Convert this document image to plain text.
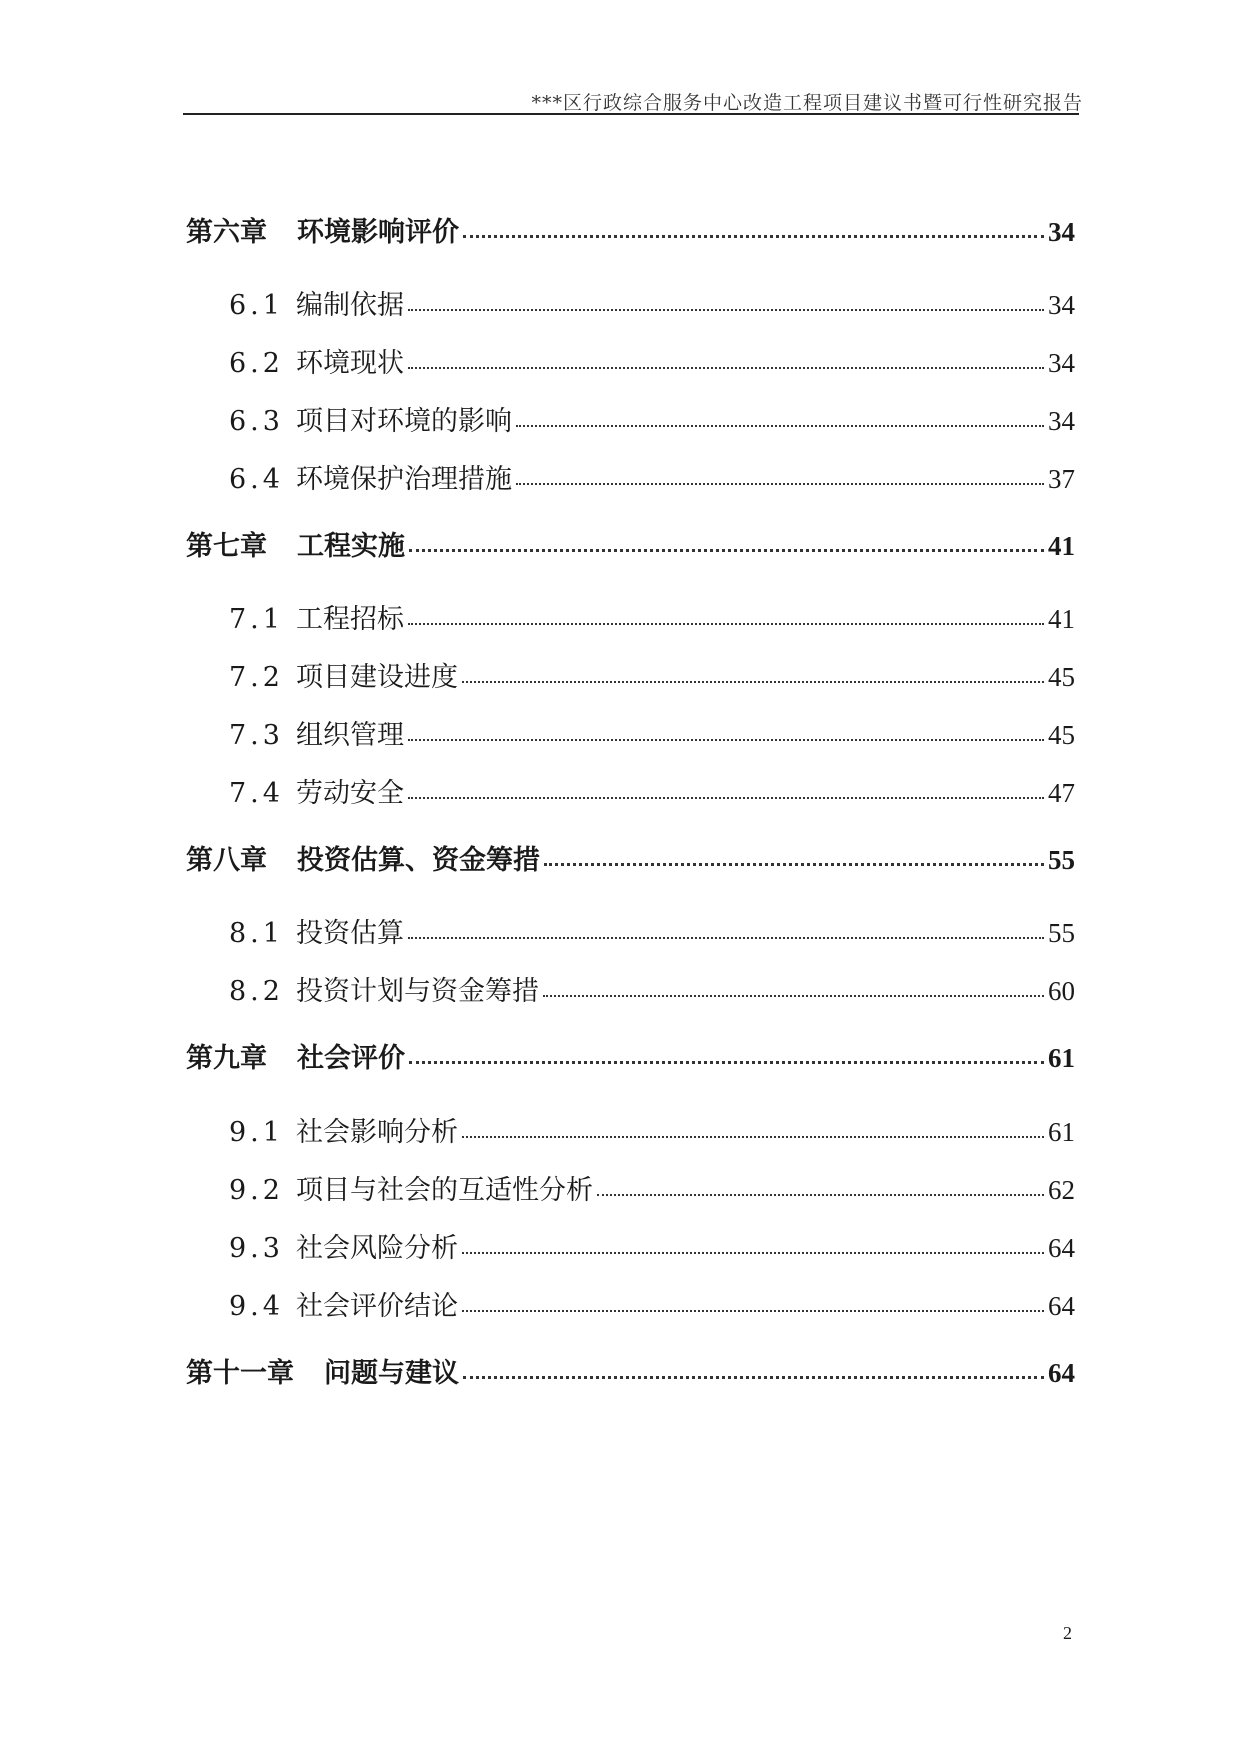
***区行政综合服务中心改造工程项目建议书暨可行性研究报告
第六章 环境影响评价	34
6.1 编制依据	34
6.2 环境现状	34
6.3 项目对环境的影响	34
6.4 环境保护治理措施	37
第七章 工程实施	41
7.1 工程招标	41
7.2 项目建设进度	45
7.3 组织管理	45
7.4 劳动安全	47
第八章 投资估算、资金筹措	55
8.1 投资估算	55
8.2 投资计划与资金筹措	60
第九章 社会评价	61
9.1 社会影响分析	61
9.2 项目与社会的互适性分析	62
9.3 社会风险分析	64
9.4 社会评价结论	64
第十一章 问题与建议	64
2
